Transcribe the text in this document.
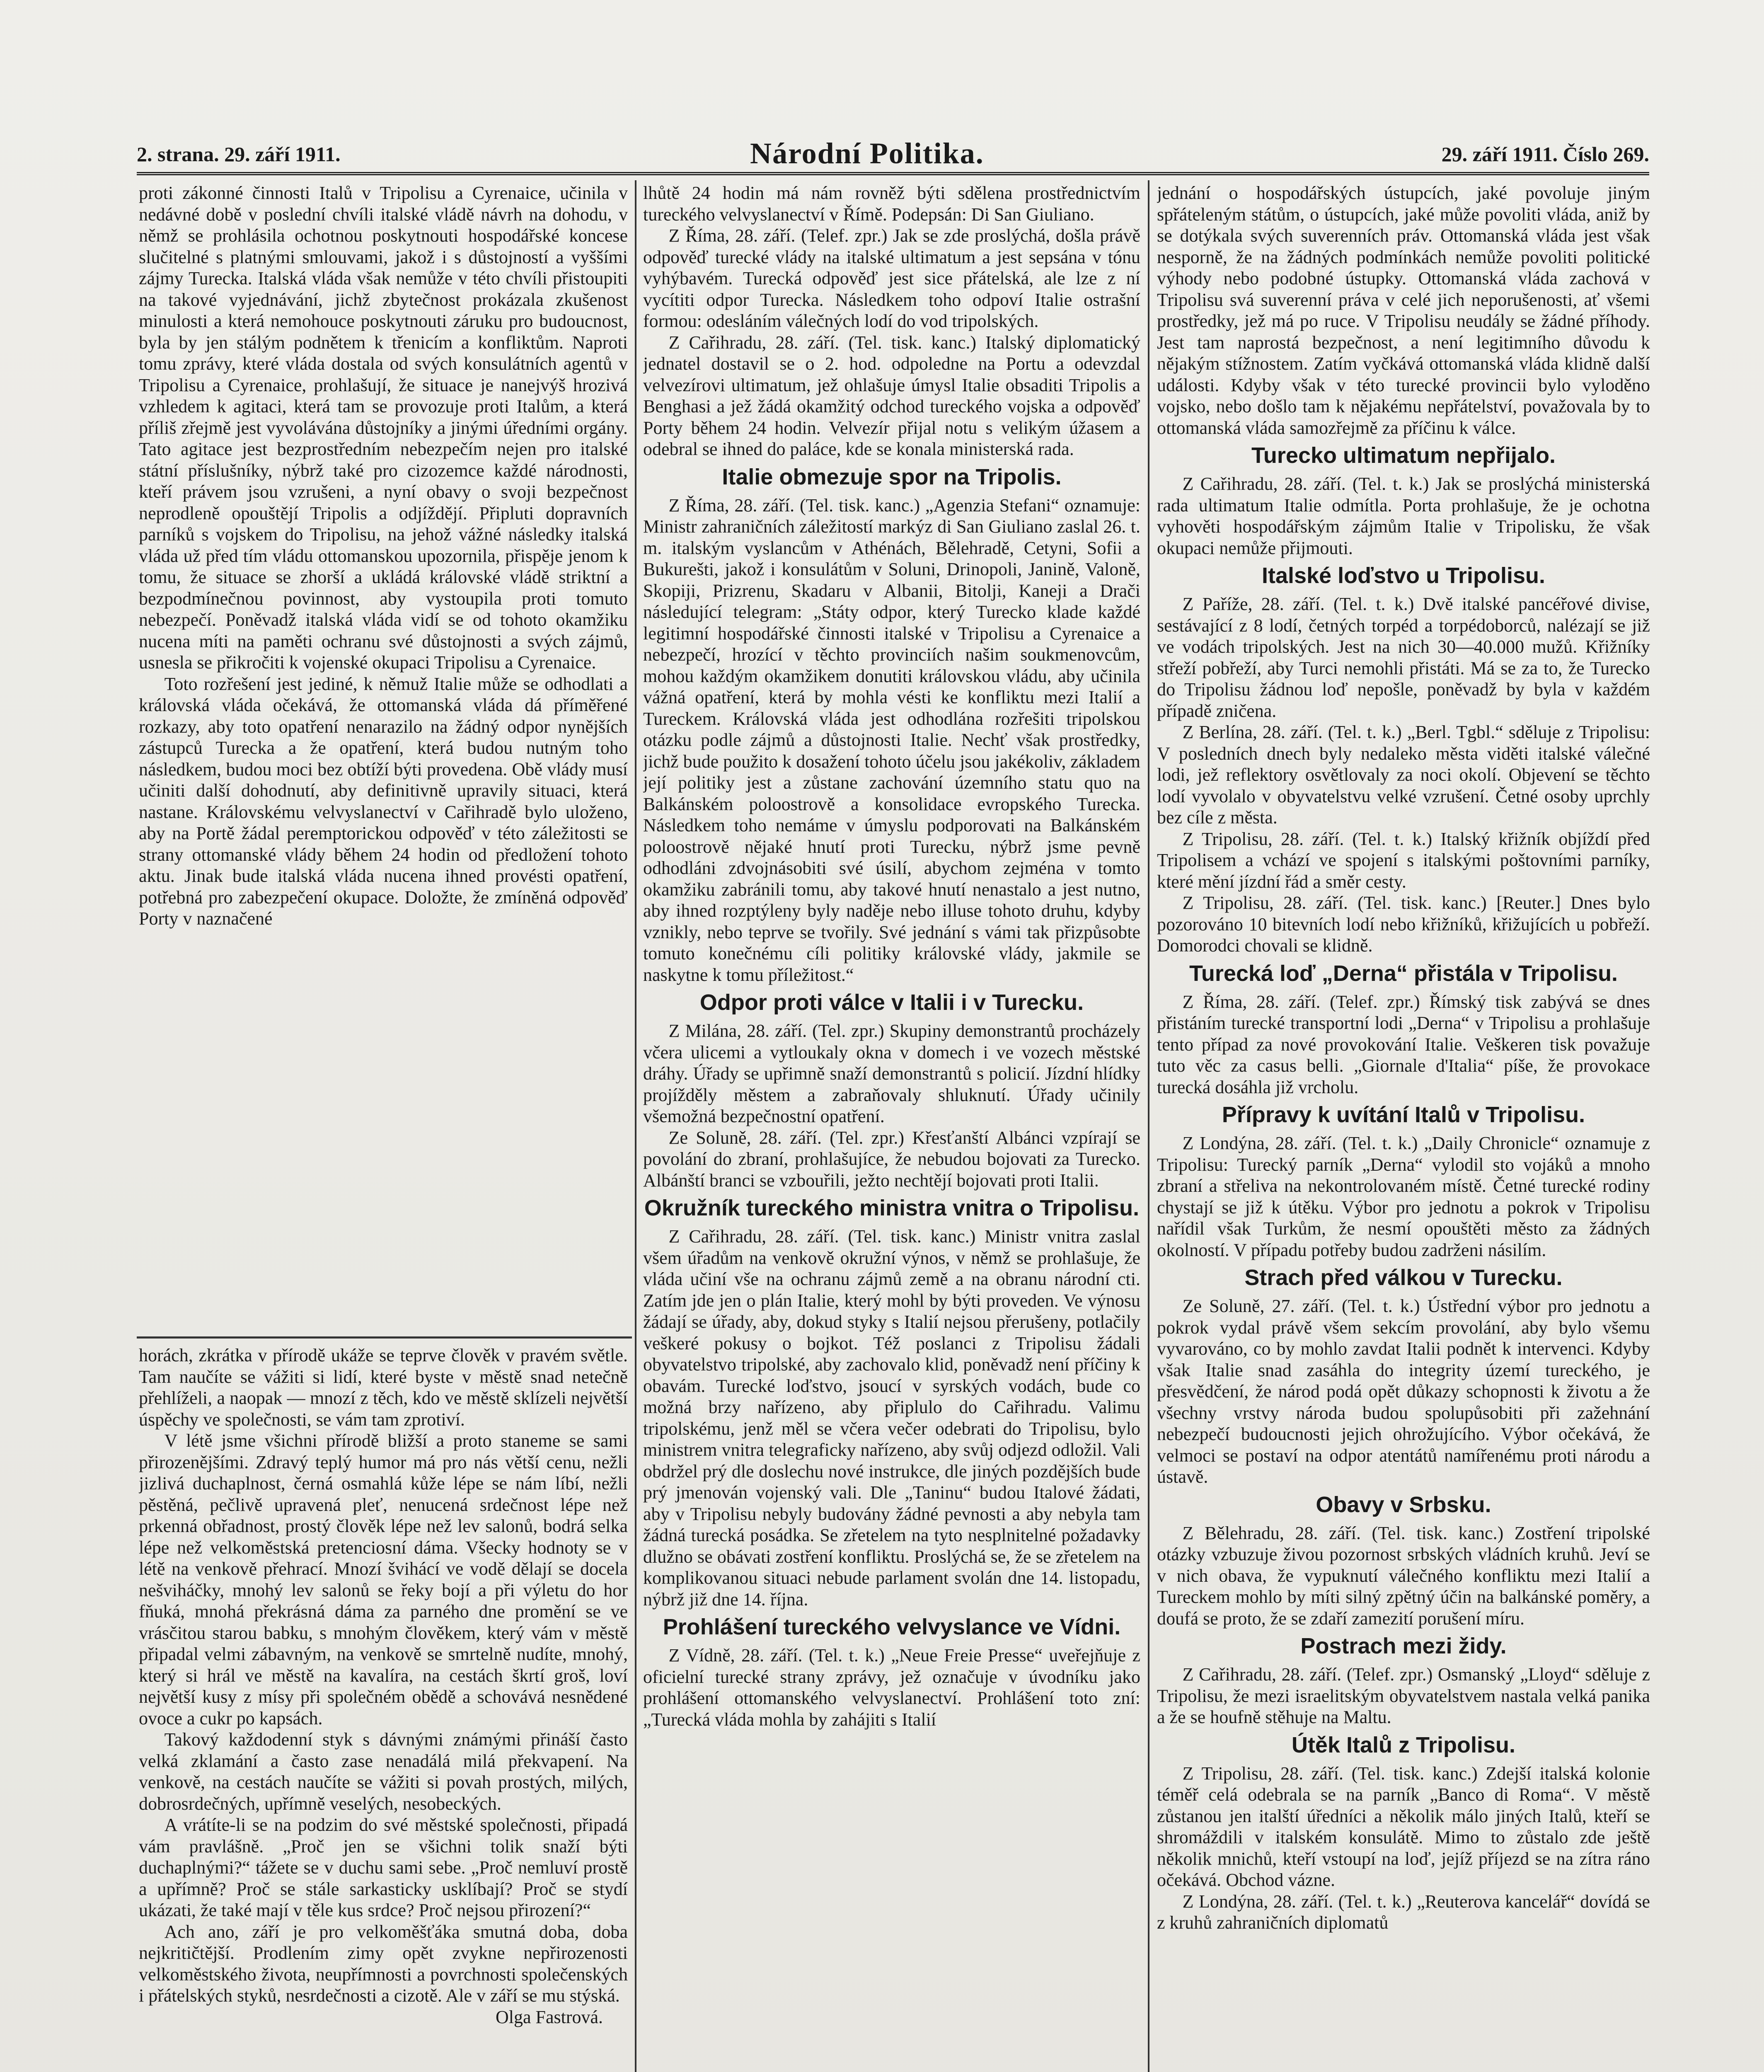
2. strana. 29. září 1911.	Národní Politika.	29. září 1911. Číslo 269.

proti zákonné činnosti Italů v Tripolisu a Cyrenaice, učinila v nedávné době v poslední chvíli italské vládě návrh na dohodu, v němž se prohlásila ochotnou poskytnouti hospodářské koncese slučitelné s platnými smlouvami, jakož i s důstojností a vyššími zájmy Turecka. Italská vláda však nemůže v této chvíli přistoupiti na takové vyjednávání, jichž zbytečnost prokázala zkušenost minulosti a která nemohouce poskytnouti záruku pro budoucnost, byla by jen stálým podnětem k třenicím a konfliktům. Naproti tomu zprávy, které vláda dostala od svých konsulátních agentů v Tripolisu a Cyrenaice, prohlašují, že situace je nanejvýš hrozivá vzhledem k agitaci, která tam se provozuje proti Italům, a která příliš zřejmě jest vyvolávána důstojníky a jinými úředními orgány. Tato agitace jest bezprostředním nebezpečím nejen pro italské státní příslušníky, nýbrž také pro cizozemce každé národnosti, kteří právem jsou vzrušeni, a nyní obavy o svoji bezpečnost neprodleně opouštějí Tripolis a odjíždějí. Připluti dopravních parníků s vojskem do Tripolisu, na jehož vážné následky italská vláda už před tím vládu ottomanskou upozornila, přispěje jenom k tomu, že situace se zhorší a ukládá královské vládě striktní a bezpodmínečnou povinnost, aby vystoupila proti tomuto nebezpečí. Poněvadž italská vláda vidí se od tohoto okamžiku nucena míti na paměti ochranu své důstojnosti a svých zájmů, usnesla se přikročiti k vojenské okupaci Tripolisu a Cyrenaice.

Toto rozřešení jest jediné, k němuž Italie může se odhodlati a královská vláda očekává, že ottomanská vláda dá příměřené rozkazy, aby toto opatření nenarazilo na žádný odpor nynějších zástupců Turecka a že opatření, která budou nutným toho následkem, budou moci bez obtíží býti provedena. Obě vlády musí učiniti další dohodnutí, aby definitivně upravily situaci, která nastane. Královskému velvyslanectví v Cařihradě bylo uloženo, aby na Portě žádal peremptorickou odpověď v této záležitosti se strany ottomanské vlády během 24 hodin od předložení tohoto aktu. Jinak bude italská vláda nucena ihned provésti opatření, potřebná pro zabezpečení okupace. Doložte, že zmíněná odpověď Porty v naznačené

horách, zkrátka v přírodě ukáže se teprve člověk v pravém světle. Tam naučíte se vážiti si lidí, které byste v městě snad netečně přehlíželi, a naopak — mnozí z těch, kdo ve městě sklízeli největší úspěchy ve společnosti, se vám tam zprotiví.

V létě jsme všichni přírodě bližší a proto staneme se sami přirozenějšími. Zdravý teplý humor má pro nás větší cenu, nežli jizlivá duchaplnost, černá osmahlá kůže lépe se nám líbí, nežli pěstěná, pečlivě upravená pleť, nenucená srdečnost lépe než prkenná obřadnost, prostý člověk lépe než lev salonů, bodrá selka lépe než velkoměstská pretenciosní dáma. Všecky hodnoty se v létě na venkově přehrací. Mnozí švihácí ve vodě dělají se docela nešviháčky, mnohý lev salonů se řeky bojí a při výletu do hor fňuká, mnohá překrásná dáma za parného dne promění se ve vrásčitou starou babku, s mnohým člověkem, který vám v městě připadal velmi zábavným, na venkově se smrtelně nudíte, mnohý, který si hrál ve městě na kavalíra, na cestách škrtí groš, loví největší kusy z mísy při společném obědě a schovává nesnědené ovoce a cukr po kapsách.

Takový každodenní styk s dávnými známými přináší často velká zklamání a často zase nenadálá milá překvapení. Na venkově, na cestách naučíte se vážiti si povah prostých, milých, dobrosrdečných, upřímně veselých, nesobeckých.

A vrátíte-li se na podzim do své městské společnosti, připadá vám pravlášně. „Proč jen se všichni tolik snaží býti duchaplnými?“ tážete se v duchu sami sebe. „Proč nemluví prostě a upřímně? Proč se stále sarkasticky usklíbají? Proč se stydí ukázati, že také mají v těle kus srdce? Proč nejsou přirození?“

Ach ano, září je pro velkoměšťáka smutná doba, doba nejkritičtější. Prodlením zimy opět zvykne nepřirozenosti velkoměstského života, neupřímnosti a povrchnosti společenských i přátelských styků, nesrdečnosti a cizotě. Ale v září se mu stýská.

Olga Fastrová.

lhůtě 24 hodin má nám rovněž býti sdělena prostřednictvím tureckého velvyslanectví v Římě. Podepsán: Di San Giuliano.

Z Říma, 28. září. (Telef. zpr.) Jak se zde proslýchá, došla právě odpověď turecké vlády na italské ultimatum a jest sepsána v tónu vyhýbavém. Turecká odpověď jest sice přátelská, ale lze z ní vycítiti odpor Turecka. Následkem toho odpoví Italie ostrašní formou: odesláním válečných lodí do vod tripolských.

Z Cařihradu, 28. září. (Tel. tisk. kanc.) Italský diplomatický jednatel dostavil se o 2. hod. odpoledne na Portu a odevzdal velvezírovi ultimatum, jež ohlašuje úmysl Italie obsaditi Tripolis a Benghasi a jež žádá okamžitý odchod tureckého vojska a odpověď Porty během 24 hodin. Velvezír přijal notu s velikým úžasem a odebral se ihned do paláce, kde se konala ministerská rada.

Italie obmezuje spor na Tripolis.

Z Říma, 28. září. (Tel. tisk. kanc.) „Agenzia Stefani“ oznamuje: Ministr zahraničních záležitostí markýz di San Giuliano zaslal 26. t. m. italským vyslancům v Athénách, Bělehradě, Cetyni, Sofii a Bukurešti, jakož i konsulátům v Soluni, Drinopoli, Janině, Valoně, Skopiji, Prizrenu, Skadaru v Albanii, Bitolji, Kaneji a Drači následující telegram: „Státy odpor, který Turecko klade každé legitimní hospodářské činnosti italské v Tripolisu a Cyrenaice a nebezpečí, hrozící v těchto provinciích našim soukmenovcům, mohou každým okamžikem donutiti královskou vládu, aby učinila vážná opatření, která by mohla vésti ke konfliktu mezi Italií a Tureckem. Královská vláda jest odhodlána rozřešiti tripolskou otázku podle zájmů a důstojnosti Italie. Nechť však prostředky, jichž bude použito k dosažení tohoto účelu jsou jakékoliv, základem její politiky jest a zůstane zachování územního statu quo na Balkánském poloostrově a konsolidace evropského Turecka. Následkem toho nemáme v úmyslu podporovati na Balkánském poloostrově nějaké hnutí proti Turecku, nýbrž jsme pevně odhodláni zdvojnásobiti své úsilí, abychom zejména v tomto okamžiku zabránili tomu, aby takové hnutí nenastalo a jest nutno, aby ihned rozptýleny byly naděje nebo illuse tohoto druhu, kdyby vznikly, nebo teprve se tvořily. Své jednání s vámi tak přizpůsobte tomuto konečnému cíli politiky královské vlády, jakmile se naskytne k tomu příležitost.“

Odpor proti válce v Italii i v Turecku.

Z Milána, 28. září. (Tel. zpr.) Skupiny demonstrantů procházely včera ulicemi a vytloukaly okna v domech i ve vozech městské dráhy. Úřady se upřimně snaží demonstrantů s policií. Jízdní hlídky projížděly městem a zabraňovaly shluknutí. Úřady učinily všemožná bezpečnostní opatření.

Ze Soluně, 28. září. (Tel. zpr.) Křesťanští Albánci vzpírají se povolání do zbraní, prohlašujíce, že nebudou bojovati za Turecko. Albánští branci se vzbouřili, ježto nechtějí bojovati proti Italii.

Okružník tureckého ministra vnitra o Tripolisu.

Z Cařihradu, 28. září. (Tel. tisk. kanc.) Ministr vnitra zaslal všem úřadům na venkově okružní výnos, v němž se prohlašuje, že vláda učiní vše na ochranu zájmů země a na obranu národní cti. Zatím jde jen o plán Italie, který mohl by býti proveden. Ve výnosu žádají se úřady, aby, dokud styky s Italií nejsou přerušeny, potlačily veškeré pokusy o bojkot. Též poslanci z Tripolisu žádali obyvatelstvo tripolské, aby zachovalo klid, poněvadž není příčiny k obavám. Turecké loďstvo, jsoucí v syrských vodách, bude co možná brzy nařízeno, aby připlulo do Cařihradu. Valimu tripolskému, jenž měl se včera večer odebrati do Tripolisu, bylo ministrem vnitra telegraficky nařízeno, aby svůj odjezd odložil. Vali obdržel prý dle doslechu nové instrukce, dle jiných pozdějších bude prý jmenován vojenský vali. Dle „Taninu“ budou Italové žádati, aby v Tripolisu nebyly budovány žádné pevnosti a aby nebyla tam žádná turecká posádka. Se zřetelem na tyto nesplnitelné požadavky dlužno se obávati zostření konfliktu. Proslýchá se, že se zřetelem na komplikovanou situaci nebude parlament svolán dne 14. listopadu, nýbrž již dne 14. října.

Prohlášení tureckého velvyslance ve Vídni.

Z Vídně, 28. září. (Tel. t. k.) „Neue Freie Presse“ uveřejňuje z oficielní turecké strany zprávy, jež označuje v úvodníku jako prohlášení ottomanského velvyslanectví. Prohlášení toto zní: „Turecká vláda mohla by zahájiti s Italií

jednání o hospodářských ústupcích, jaké povoluje jiným spřáteleným státům, o ústupcích, jaké může povoliti vláda, aniž by se dotýkala svých suverenních práv. Ottomanská vláda jest však nesporně, že na žádných podmínkách nemůže povoliti politické výhody nebo podobné ústupky. Ottomanská vláda zachová v Tripolisu svá suverenní práva v celé jich neporušenosti, ať všemi prostředky, jež má po ruce. V Tripolisu neudály se žádné příhody. Jest tam naprostá bezpečnost, a není legitimního důvodu k nějakým stížnostem. Zatím vyčkává ottomanská vláda klidně další události. Kdyby však v této turecké provincii bylo vyloděno vojsko, nebo došlo tam k nějakému nepřátelství, považovala by to ottomanská vláda samozřejmě za příčinu k válce.

Turecko ultimatum nepřijalo.

Z Cařihradu, 28. září. (Tel. t. k.) Jak se proslýchá ministerská rada ultimatum Italie odmítla. Porta prohlašuje, že je ochotna vyhověti hospodářským zájmům Italie v Tripolisku, že však okupaci nemůže přijmouti.

Italské loďstvo u Tripolisu.

Z Paříže, 28. září. (Tel. t. k.) Dvě italské pancéřové divise, sestávající z 8 lodí, četných torpéd a torpédoborců, nalézají se již ve vodách tripolských. Jest na nich 30—40.000 mužů. Křižníky střeží pobřeží, aby Turci nemohli přistáti. Má se za to, že Turecko do Tripolisu žádnou loď nepošle, poněvadž by byla v každém případě zničena.

Z Berlína, 28. září. (Tel. t. k.) „Berl. Tgbl.“ sděluje z Tripolisu: V posledních dnech byly nedaleko města viděti italské válečné lodi, jež reflektory osvětlovaly za noci okolí. Objevení se těchto lodí vyvolalo v obyvatelstvu velké vzrušení. Četné osoby uprchly bez cíle z města.

Z Tripolisu, 28. září. (Tel. t. k.) Italský křižník objíždí před Tripolisem a vchází ve spojení s italskými poštovními parníky, které mění jízdní řád a směr cesty.

Z Tripolisu, 28. září. (Tel. tisk. kanc.) [Reuter.] Dnes bylo pozorováno 10 bitevních lodí nebo křižníků, křižujících u pobřeží. Domorodci chovali se klidně.

Turecká loď „Derna“ přistála v Tripolisu.

Z Říma, 28. září. (Telef. zpr.) Římský tisk zabývá se dnes přistáním turecké transportní lodi „Derna“ v Tripolisu a prohlašuje tento případ za nové provokování Italie. Veškeren tisk považuje tuto věc za casus belli. „Giornale d'Italia“ píše, že provokace turecká dosáhla již vrcholu.

Přípravy k uvítání Italů v Tripolisu.

Z Londýna, 28. září. (Tel. t. k.) „Daily Chronicle“ oznamuje z Tripolisu: Turecký parník „Derna“ vylodil sto vojáků a mnoho zbraní a střeliva na nekontrolovaném místě. Četné turecké rodiny chystají se již k útěku. Výbor pro jednotu a pokrok v Tripolisu nařídil však Turkům, že nesmí opouštěti město za žádných okolností. V případu potřeby budou zadrženi násilím.

Strach před válkou v Turecku.

Ze Soluně, 27. září. (Tel. t. k.) Ústřední výbor pro jednotu a pokrok vydal právě všem sekcím provolání, aby bylo všemu vyvarováno, co by mohlo zavdat Italii podnět k intervenci. Kdyby však Italie snad zasáhla do integrity území tureckého, je přesvědčení, že národ podá opět důkazy schopnosti k životu a že všechny vrstvy národa budou spolupůsobiti při zažehnání nebezpečí budoucnosti jejich ohrožujícího. Výbor očekává, že velmoci se postaví na odpor atentátů namířenému proti národu a ústavě.

Obavy v Srbsku.

Z Bělehradu, 28. září. (Tel. tisk. kanc.) Zostření tripolské otázky vzbuzuje živou pozornost srbských vládních kruhů. Jeví se v nich obava, že vypuknutí válečného konfliktu mezi Italií a Tureckem mohlo by míti silný zpětný účin na balkánské poměry, a doufá se proto, že se zdaří zamezití porušení míru.

Postrach mezi židy.

Z Cařihradu, 28. září. (Telef. zpr.) Osmanský „Lloyd“ sděluje z Tripolisu, že mezi israelitským obyvatelstvem nastala velká panika a že se houfně stěhuje na Maltu.

Útěk Italů z Tripolisu.

Z Tripolisu, 28. září. (Tel. tisk. kanc.) Zdejší italská kolonie téměř celá odebrala se na parník „Banco di Roma“. V městě zůstanou jen italští úředníci a několik málo jiných Italů, kteří se shromáždili v italském konsulátě. Mimo to zůstalo zde ještě několik mnichů, kteří vstoupí na loď, jejíž příjezd se na zítra ráno očekává. Obchod vázne.

Z Londýna, 28. září. (Tel. t. k.) „Reuterova kancelář“ dovídá se z kruhů zahraničních diplomatů
